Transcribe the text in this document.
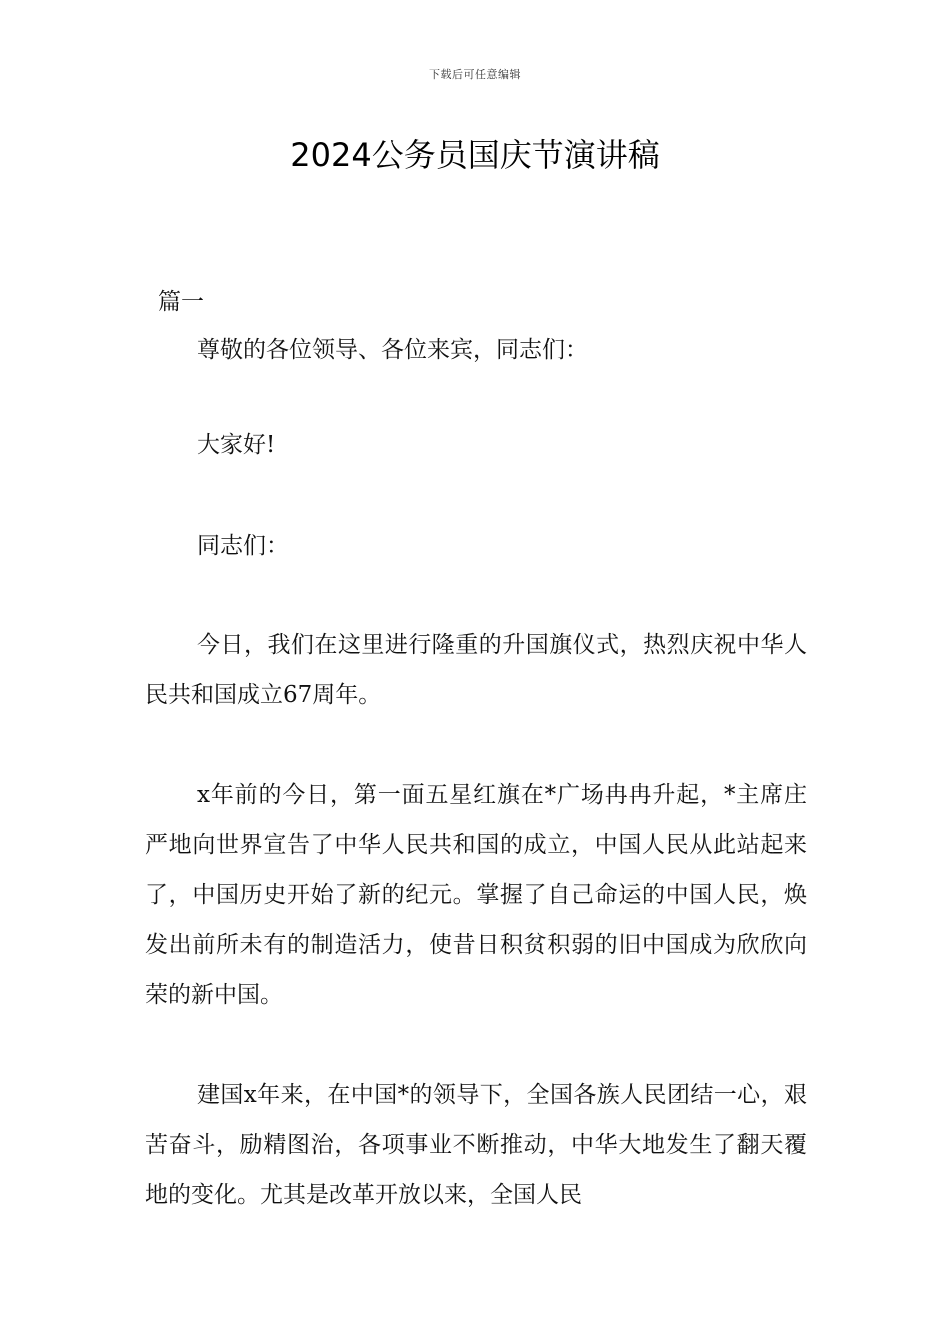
下载后可任意编辑
2024公务员国庆节演讲稿

篇一

尊敬的各位领导、各位来宾，同志们：

大家好!

同志们：

今日，我们在这里进行隆重的升国旗仪式，热烈庆祝中华人民共和国成立67周年。

x年前的今日，第一面五星红旗在*广场冉冉升起，*主席庄严地向世界宣告了中华人民共和国的成立，中国人民从此站起来了，中国历史开始了新的纪元。掌握了自己命运的中国人民，焕发出前所未有的制造活力，使昔日积贫积弱的旧中国成为欣欣向荣的新中国。

建国x年来，在中国*的领导下，全国各族人民团结一心，艰苦奋斗，励精图治，各项事业不断推动，中华大地发生了翻天覆地的变化。尤其是改革开放以来，全国人民
